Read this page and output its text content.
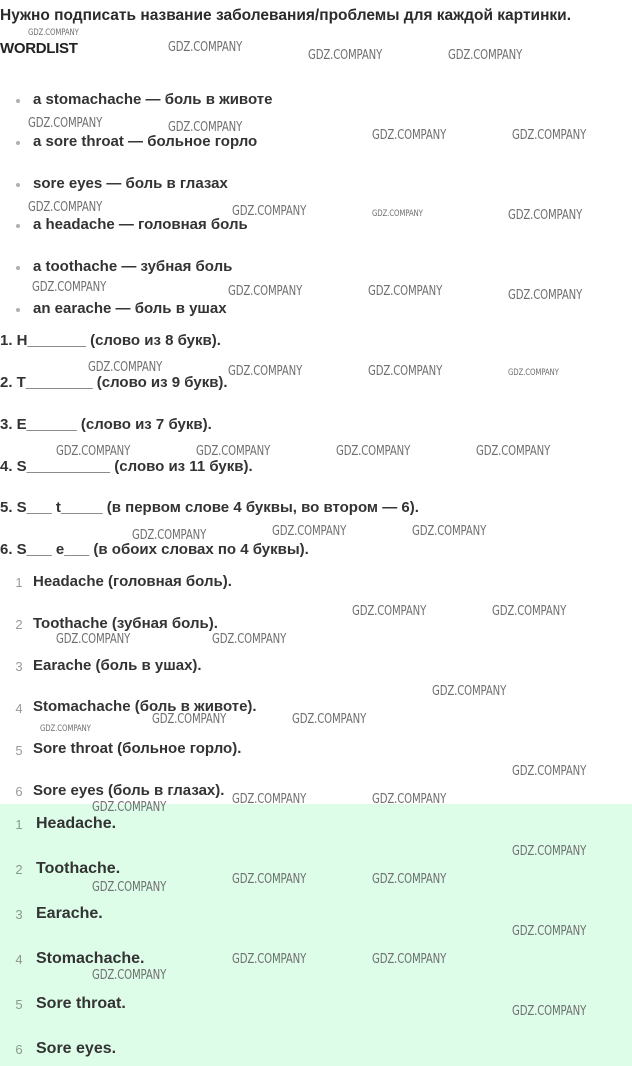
Нужно подписать название заболевания/проблемы для каждой картинки.
WORDLIST
a stomachache — боль в животе
a sore throat — больное горло
sore eyes — боль в глазах
a headache — головная боль
a toothache — зубная боль
an earache — боль в ушах
1. H_______ (слово из 8 букв).
2. T________ (слово из 9 букв).
3. E______ (слово из 7 букв).
4. S__________ (слово из 11 букв).
5. S___ t_____ (в первом слове 4 буквы, во втором — 6).
6. S___ e___ (в обоих словах по 4 буквы).
1 Headache (головная боль).
2 Toothache (зубная боль).
3 Earache (боль в ушах).
4 Stomachache (боль в животе).
5 Sore throat (больное горло).
6 Sore eyes (боль в глазах).
1 Headache.
2 Toothache.
3 Earache.
4 Stomachache.
5 Sore throat.
6 Sore eyes.
GDZ.COMPANY
GDZ.COMPANY
GDZ.COMPANY	GDZ.COMPANY
GDZ.COMPANY	GDZ.COMPANY
GDZ.COMPANY	GDZ.COMPANY
GDZ.COMPANY	GDZ.COMPANY	GDZ.COMPANY	GDZ.COMPANY
GDZ.COMPANY	GDZ.COMPANY	GDZ.COMPANY	GDZ.COMPANY
GDZ.COMPANY	GDZ.COMPANY	GDZ.COMPANY	GDZ.COMPANY
GDZ.COMPANY	GDZ.COMPANY	GDZ.COMPANY	GDZ.COMPANY
GDZ.COMPANY	GDZ.COMPANY	GDZ.COMPANY
GDZ.COMPANY	GDZ.COMPANY
GDZ.COMPANY	GDZ.COMPANY
GDZ.COMPANY
GDZ.COMPANY
GDZ.COMPANY	GDZ.COMPANY
GDZ.COMPANY
GDZ.COMPANY
GDZ.COMPANY	GDZ.COMPANY
GDZ.COMPANY
GDZ.COMPANY
GDZ.COMPANY	GDZ.COMPANY
GDZ.COMPANY
GDZ.COMPANY
GDZ.COMPANY	GDZ.COMPANY
GDZ.COMPANY
